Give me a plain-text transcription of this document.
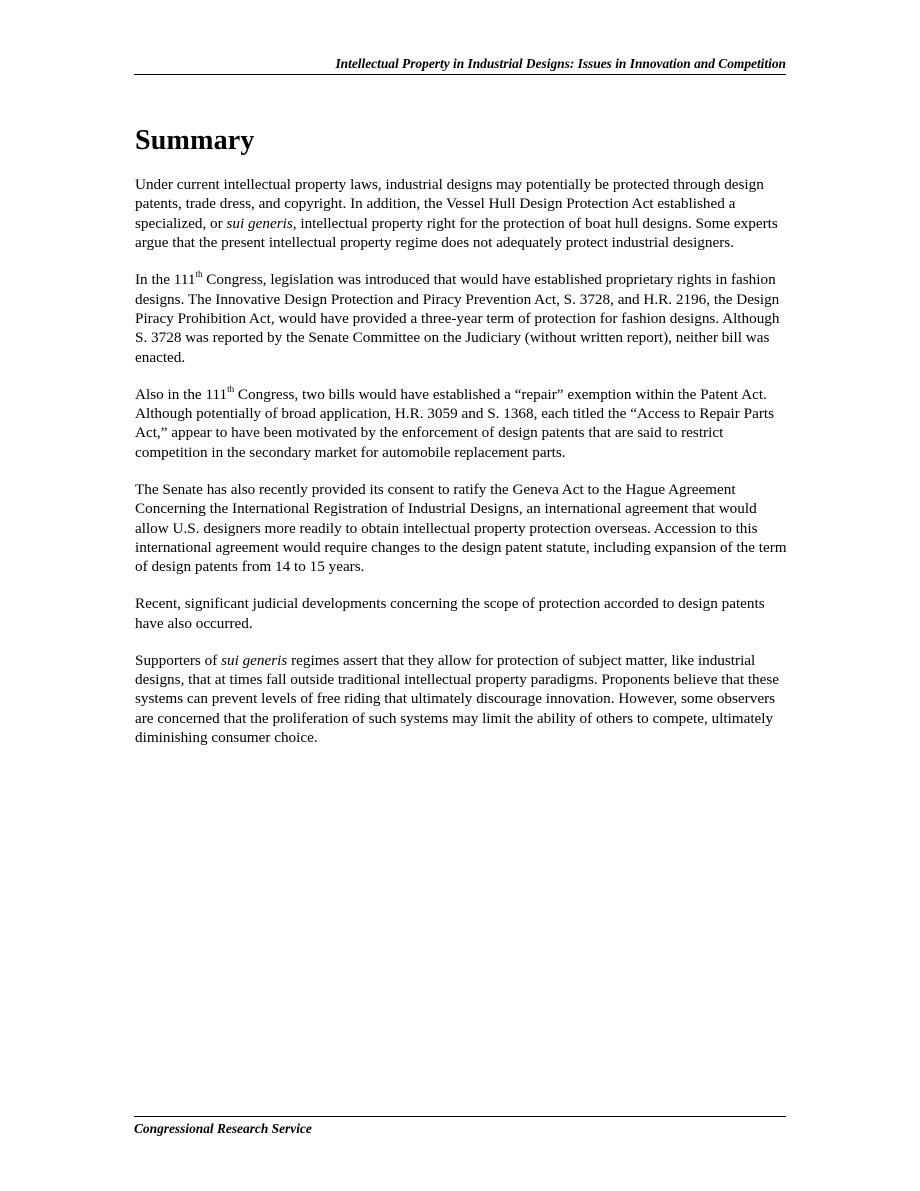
Intellectual Property in Industrial Designs: Issues in Innovation and Competition
Summary

Under current intellectual property laws, industrial designs may potentially be protected through design patents, trade dress, and copyright. In addition, the Vessel Hull Design Protection Act established a specialized, or sui generis, intellectual property right for the protection of boat hull designs. Some experts argue that the present intellectual property regime does not adequately protect industrial designers.

In the 111th Congress, legislation was introduced that would have established proprietary rights in fashion designs. The Innovative Design Protection and Piracy Prevention Act, S. 3728, and H.R. 2196, the Design Piracy Prohibition Act, would have provided a three-year term of protection for fashion designs. Although S. 3728 was reported by the Senate Committee on the Judiciary (without written report), neither bill was enacted.

Also in the 111th Congress, two bills would have established a “repair” exemption within the Patent Act. Although potentially of broad application, H.R. 3059 and S. 1368, each titled the “Access to Repair Parts Act,” appear to have been motivated by the enforcement of design patents that are said to restrict competition in the secondary market for automobile replacement parts.

The Senate has also recently provided its consent to ratify the Geneva Act to the Hague Agreement Concerning the International Registration of Industrial Designs, an international agreement that would allow U.S. designers more readily to obtain intellectual property protection overseas. Accession to this international agreement would require changes to the design patent statute, including expansion of the term of design patents from 14 to 15 years.

Recent, significant judicial developments concerning the scope of protection accorded to design patents have also occurred.

Supporters of sui generis regimes assert that they allow for protection of subject matter, like industrial designs, that at times fall outside traditional intellectual property paradigms. Proponents believe that these systems can prevent levels of free riding that ultimately discourage innovation. However, some observers are concerned that the proliferation of such systems may limit the ability of others to compete, ultimately diminishing consumer choice.

Congressional Research Service
